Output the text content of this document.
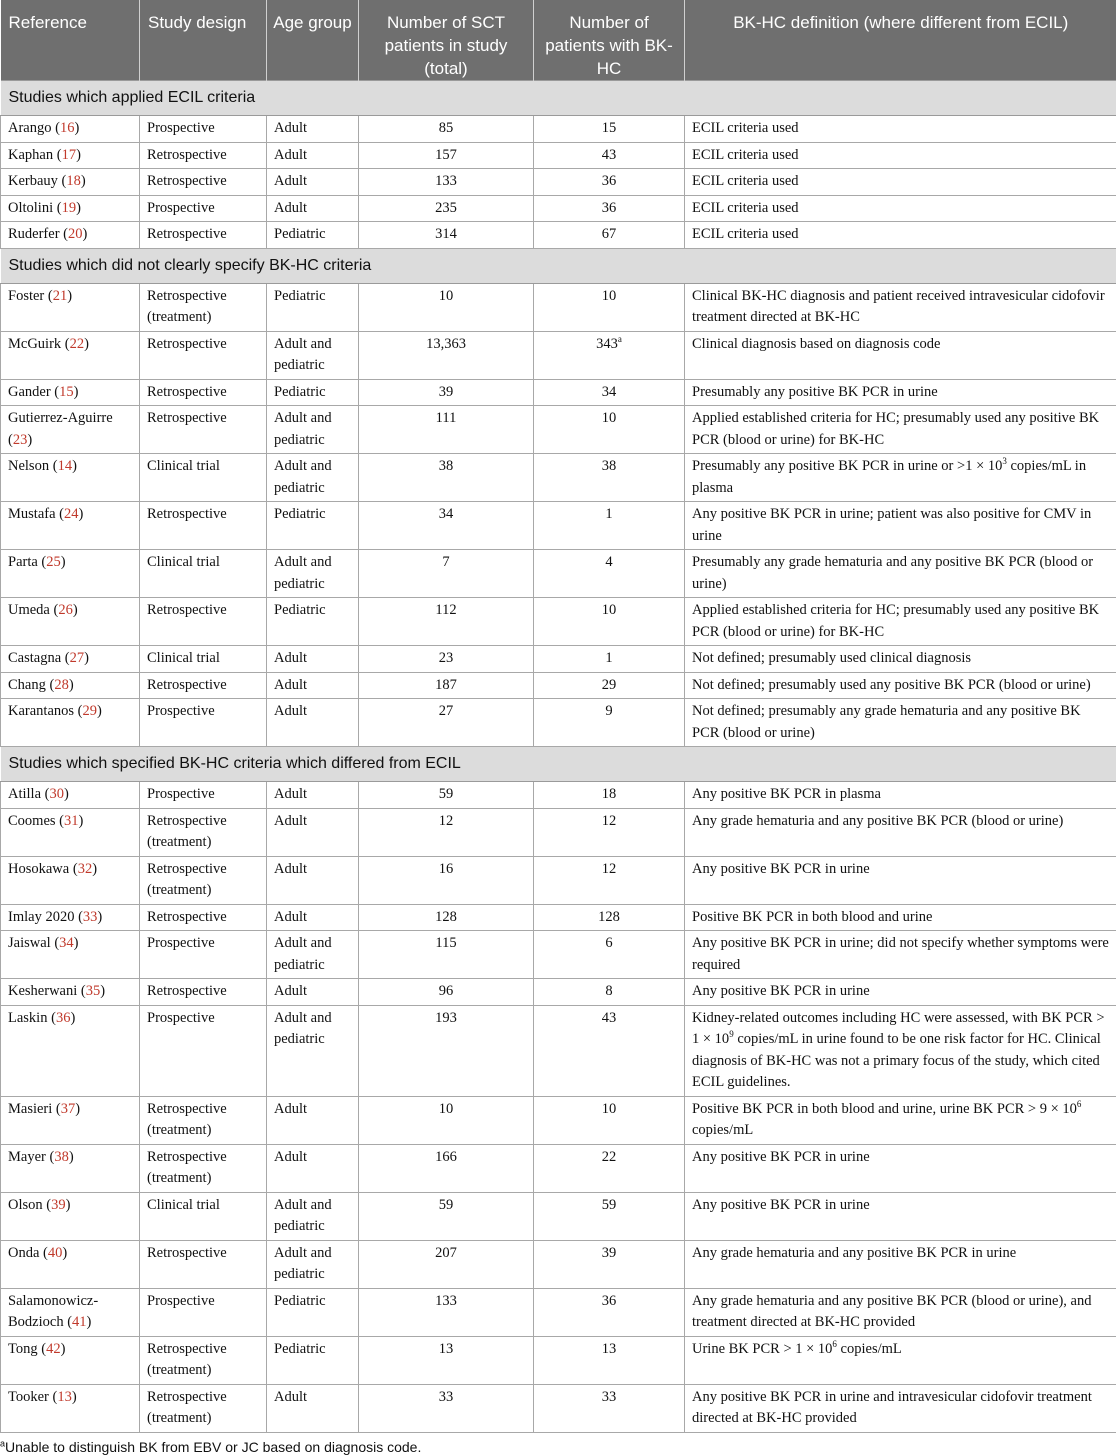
Reference	Study design	Age group	Number of SCT patients in study (total)	Number of patients with BK-HC	BK-HC definition (where different from ECIL)
Studies which applied ECIL criteria					
Arango (16)	Prospective	Adult	85	15	ECIL criteria used
Kaphan (17)	Retrospective	Adult	157	43	ECIL criteria used
Kerbauy (18)	Retrospective	Adult	133	36	ECIL criteria used
Oltolini (19)	Prospective	Adult	235	36	ECIL criteria used
Ruderfer (20)	Retrospective	Pediatric	314	67	ECIL criteria used
Studies which did not clearly specify BK-HC criteria					
Foster (21)	Retrospective (treatment)	Pediatric	10	10	Clinical BK-HC diagnosis and patient received intravesicular cidofovir treatment directed at BK-HC
McGuirk (22)	Retrospective	Adult and pediatric	13,363	343$^a$	Clinical diagnosis based on diagnosis code
Gander (15)	Retrospective	Pediatric	39	34	Presumably any positive BK PCR in urine
Gutierrez-Aguirre (23)	Retrospective	Adult and pediatric	111	10	Applied established criteria for HC; presumably used any positive BK PCR (blood or urine) for BK-HC
Nelson (14)	Clinical trial	Adult and pediatric	38	38	Presumably any positive BK PCR in urine or $>1 \times 10^3$ copies/mL in plasma
Mustafa (24)	Retrospective	Pediatric	34	1	Any positive BK PCR in urine; patient was also positive for CMV in urine
Parta (25)	Clinical trial	Adult and pediatric	7	4	Presumably any grade hematuria and any positive BK PCR (blood or urine)
Umeda (26)	Retrospective	Pediatric	112	10	Applied established criteria for HC; presumably used any positive BK PCR (blood or urine) for BK-HC
Castagna (27)	Clinical trial	Adult	23	1	Not defined; presumably used clinical diagnosis
Chang (28)	Retrospective	Adult	187	29	Not defined; presumably used any positive BK PCR (blood or urine)
Karantanos (29)	Prospective	Adult	27	9	Not defined; presumably any grade hematuria and any positive BK PCR (blood or urine)
Studies which specified BK-HC criteria which differed from ECIL					
Atilla (30)	Prospective	Adult	59	18	Any positive BK PCR in plasma
Coomes (31)	Retrospective (treatment)	Adult	12	12	Any grade hematuria and any positive BK PCR (blood or urine)
Hosokawa (32)	Retrospective (treatment)	Adult	16	12	Any positive BK PCR in urine
Imlay 2020 (33)	Retrospective	Adult	128	128	Positive BK PCR in both blood and urine
Jaiswal (34)	Prospective	Adult and pediatric	115	6	Any positive BK PCR in urine; did not specify whether symptoms were required
Kesherwani (35)	Retrospective	Adult	96	8	Any positive BK PCR in urine
Laskin (36)	Prospective	Adult and pediatric	193	43	Kidney-related outcomes including HC were assessed, with BK PCR > $1 \times 10^9$ copies/mL in urine found to be one risk factor for HC. Clinical diagnosis of BK-HC was not a primary focus of the study, which cited ECIL guidelines.
Masieri (37)	Retrospective (treatment)	Adult	10	10	Positive BK PCR in both blood and urine, urine BK PCR > $9 \times 10^6$ copies/mL
Mayer (38)	Retrospective (treatment)	Adult	166	22	Any positive BK PCR in urine
Olson (39)	Clinical trial	Adult and pediatric	59	59	Any positive BK PCR in urine
Onda (40)	Retrospective	Adult and pediatric	207	39	Any grade hematuria and any positive BK PCR in urine
Salamonowicz-Bodzioch (41)	Prospective	Pediatric	133	36	Any grade hematuria and any positive BK PCR (blood or urine), and treatment directed at BK-HC provided
Tong (42)	Retrospective (treatment)	Pediatric	13	13	Urine BK PCR > $1 \times 10^6$ copies/mL
Tooker (13)	Retrospective (treatment)	Adult	33	33	Any positive BK PCR in urine and intravesicular cidofovir treatment directed at BK-HC provided
$^a$Unable to distinguish BK from EBV or JC based on diagnosis code.
